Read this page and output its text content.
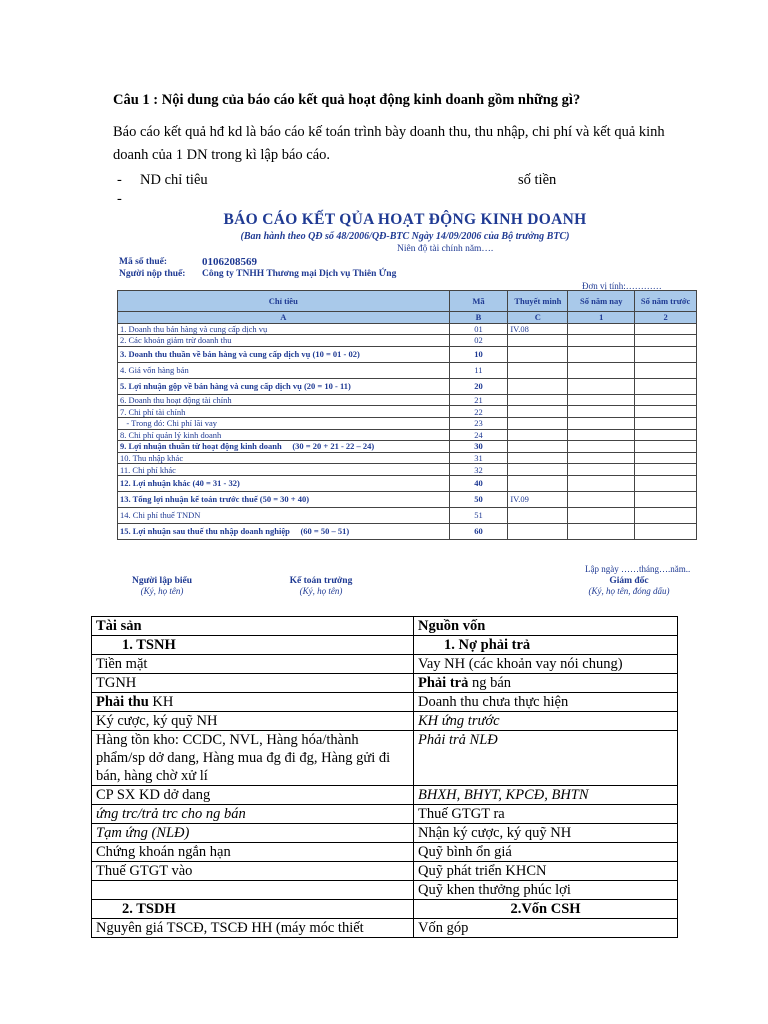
Câu 1 : Nội dung của báo cáo kết quả hoạt động kinh doanh gồm những gì?
Báo cáo kết quả hđ kd là báo cáo kế toán trình bày doanh thu, thu nhập, chi phí và kết quả kinh doanh của 1 DN trong kì lập báo cáo.
- ND chỉ tiêu	số tiền
-
BÁO CÁO KẾT QỦA HOẠT ĐỘNG KINH DOANH
(Ban hành theo QĐ số 48/2006/QĐ-BTC Ngày 14/09/2006 của Bộ trưởng BTC)
Niên độ tài chính năm….
Mã số thuế:	0106208569
Người nộp thuế: Công ty TNHH Thương mại Dịch vụ Thiên Ứng
Đơn vị tính:…………
Chỉ tiêu	Mã	Thuyết minh	Số năm nay	Số năm trước
A	B	C	1	2
1. Doanh thu bán hàng và cung cấp dịch vụ	01	IV.08		
2. Các khoản giảm trừ doanh thu	02			
3. Doanh thu thuần về bán hàng và cung cấp dịch vụ (10 = 01 - 02)	10			
4. Giá vốn hàng bán	11			
5. Lợi nhuận gộp về bán hàng và cung cấp dịch vụ (20 = 10 - 11)	20			
6. Doanh thu hoạt động tài chính	21			
7. Chi phí tài chính	22			
- Trong đó: Chi phí lãi vay	23			
8. Chi phí quản lý kinh doanh	24			
9. Lợi nhuận thuần từ hoạt động kinh doanh     (30 = 20 + 21 - 22 – 24)	30			
10. Thu nhập khác	31			
11. Chi phí khác	32			
12. Lợi nhuận khác (40 = 31 - 32)	40			
13. Tổng lợi nhuận kế toán trước thuế (50 = 30 + 40)	50	IV.09		
14. Chi phí thuế TNDN	51			
15. Lợi nhuận sau thuế thu nhập doanh nghiệp     (60 = 50 – 51)	60			
Lập ngày ……tháng….năm..
Người lập biểu
(Ký, họ tên)
Kế toán trưởng
(Ký, họ tên)
Giám đốc
(Ký, họ tên, đóng dấu)
Tài sản	Nguồn vốn
1. TSNH	1. Nợ phải trả
Tiền mặt	Vay NH (các khoản vay nói chung)
TGNH	Phải trả ng bán
Phải thu KH	Doanh thu chưa thực hiện
Ký cược, ký quỹ NH	KH ứng trước
Hàng tồn kho: CCDC, NVL, Hàng hóa/thành phẩm/sp dở dang, Hàng mua đg đi đg, Hàng gửi đi bán, hàng chờ xử lí	Phải trả NLĐ
CP SX KD dở dang	BHXH, BHYT, KPCĐ, BHTN
ứng trc/trả trc cho ng bán	Thuế GTGT ra
Tạm ứng (NLĐ)	Nhận ký cược, ký quỹ NH
Chứng khoán ngắn hạn	Quỹ bình ổn giá
Thuế GTGT vào	Quỹ phát triển KHCN
	Quỹ khen thưởng phúc lợi
2. TSDH	2.Vốn CSH
Nguyên giá TSCĐ, TSCĐ HH (máy móc thiết	Vốn góp
